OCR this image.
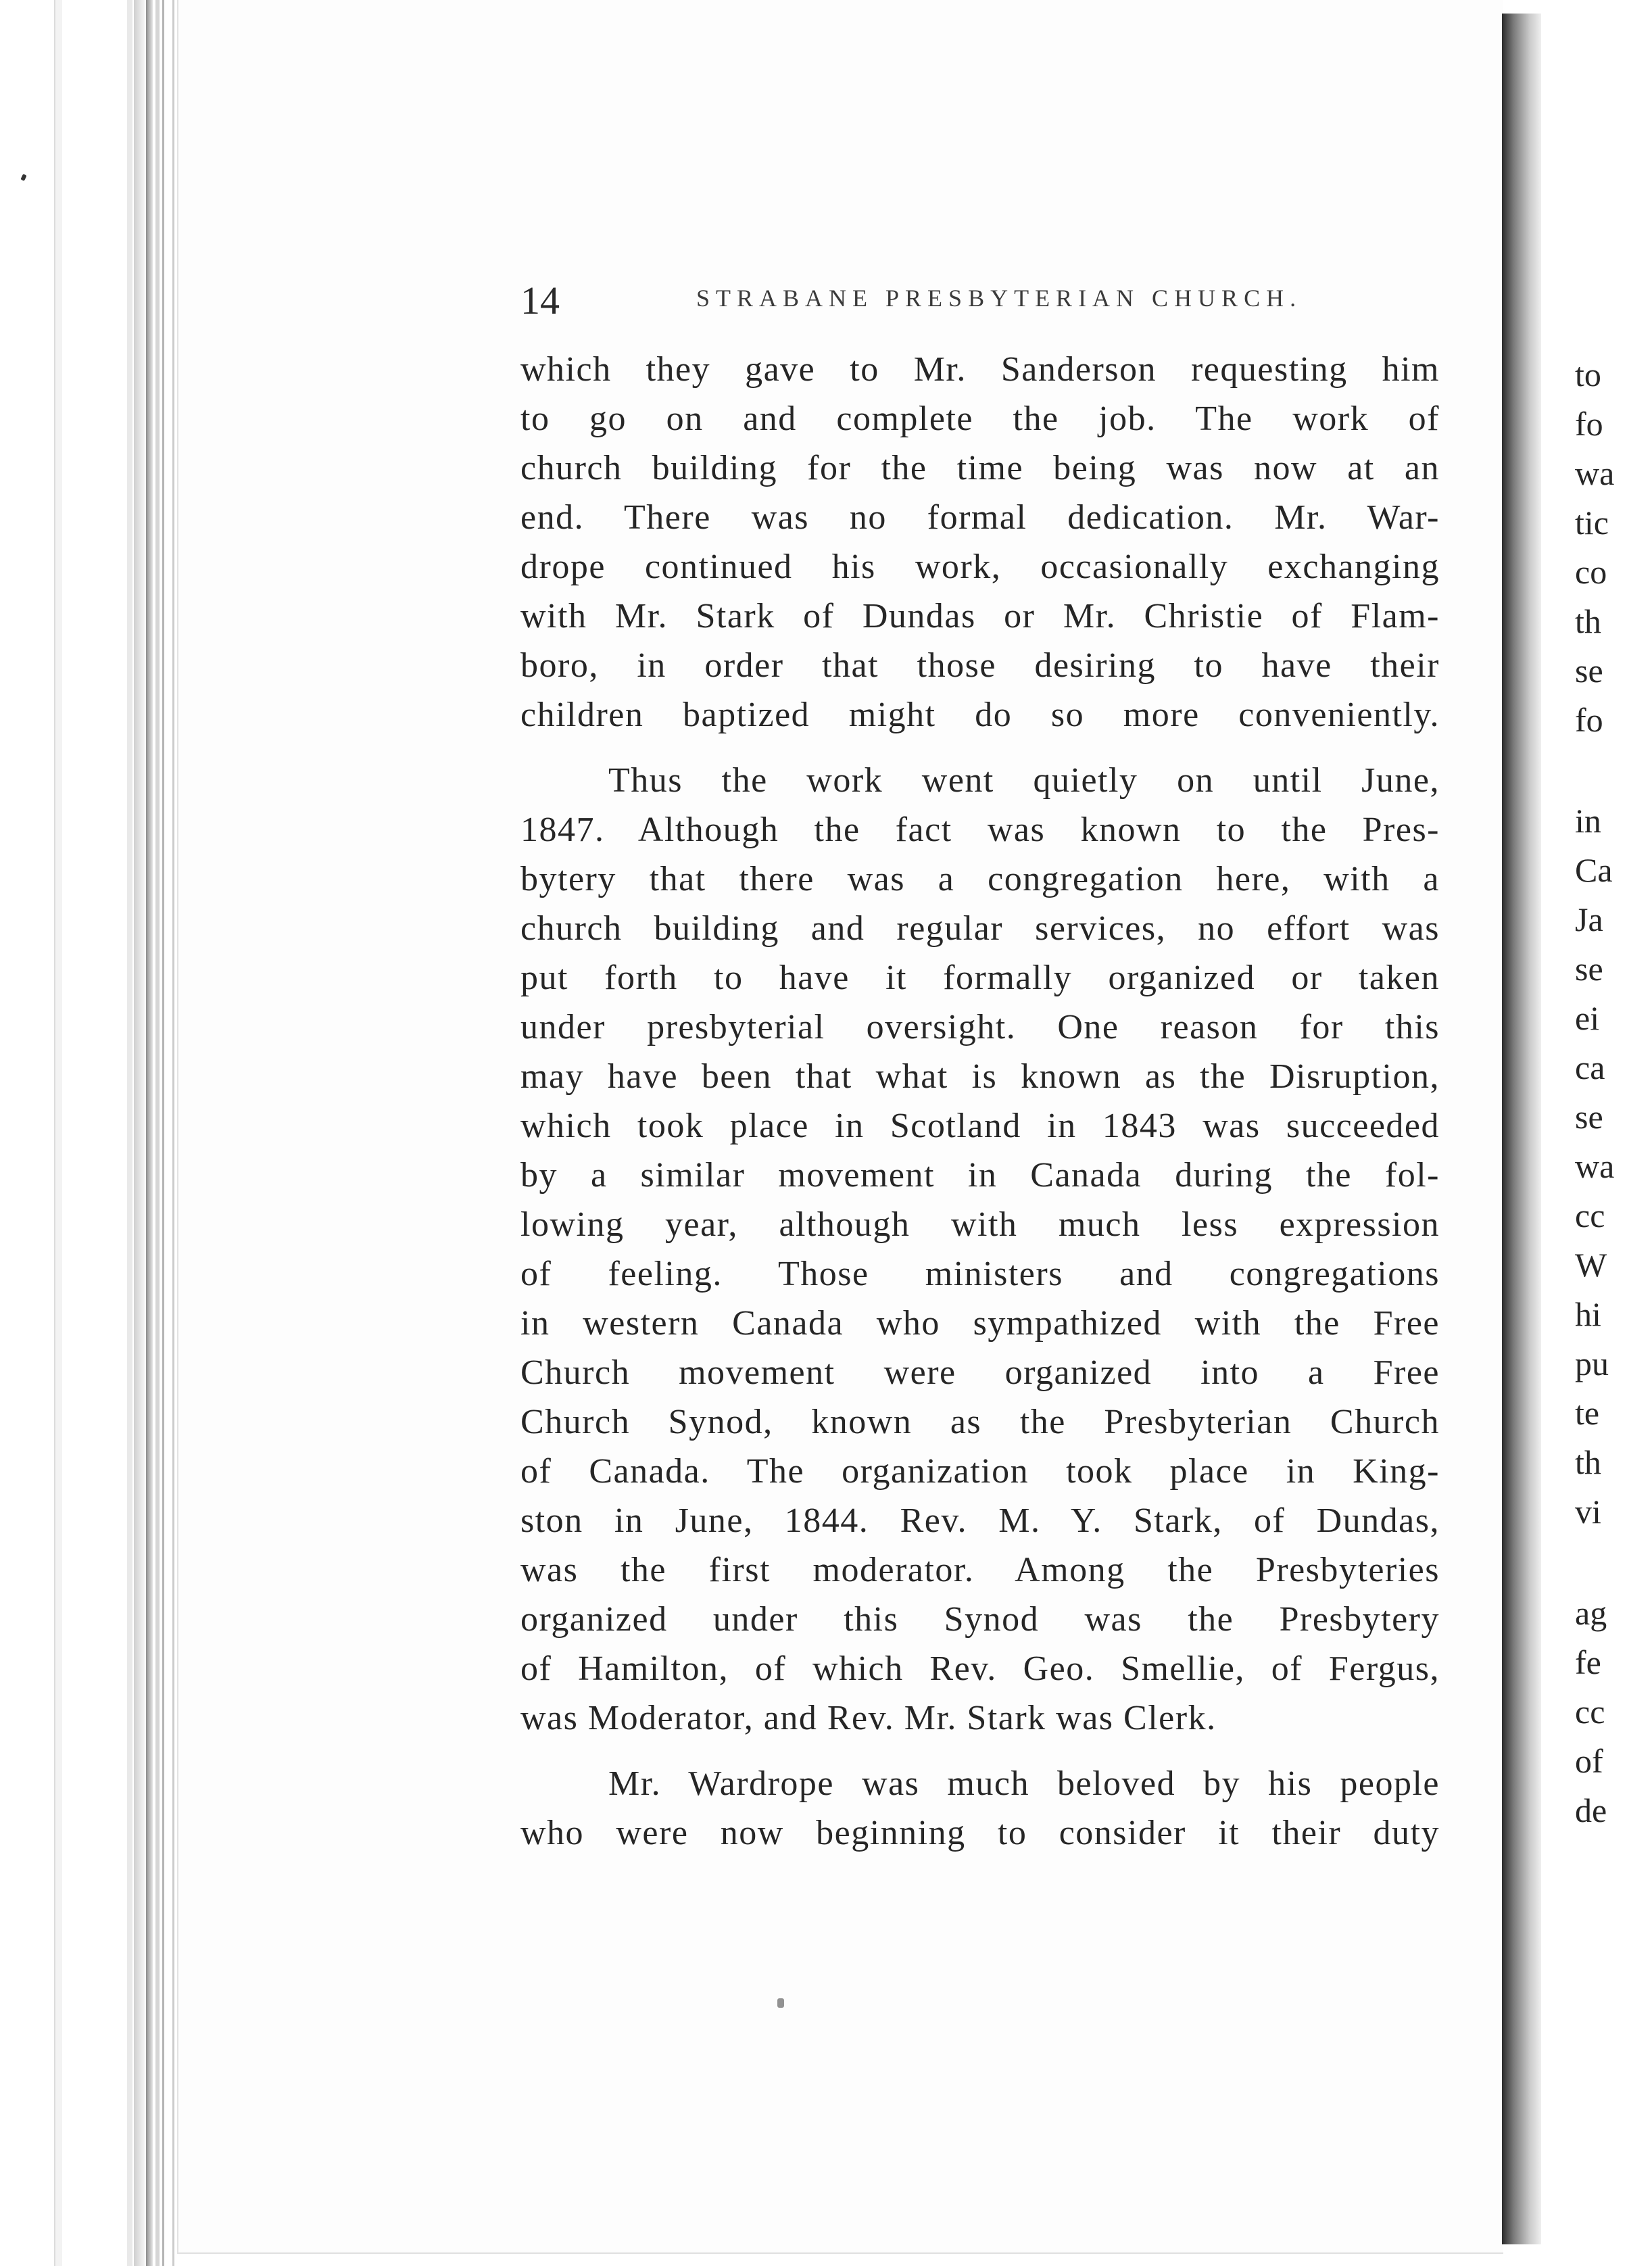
14	STRABANE PRESBYTERIAN CHURCH.
which they gave to Mr. Sanderson requesting him
to go on and complete the job. The work of
church building for the time being was now at an
end. There was no formal dedication. Mr. War-
drope continued his work, occasionally exchanging
with Mr. Stark of Dundas or Mr. Christie of Flam-
boro, in order that those desiring to have their
children baptized might do so more conveniently.
Thus the work went quietly on until June,
1847. Although the fact was known to the Pres-
bytery that there was a congregation here, with a
church building and regular services, no effort was
put forth to have it formally organized or taken
under presbyterial oversight. One reason for this
may have been that what is known as the Disruption,
which took place in Scotland in 1843 was succeeded
by a similar movement in Canada during the fol-
lowing year, although with much less expression
of feeling. Those ministers and congregations
in western Canada who sympathized with the Free
Church movement were organized into a Free
Church Synod, known as the Presbyterian Church
of Canada. The organization took place in King-
ston in June, 1844. Rev. M. Y. Stark, of Dundas,
was the first moderator. Among the Presbyteries
organized under this Synod was the Presbytery
of Hamilton, of which Rev. Geo. Smellie, of Fergus,
was Moderator, and Rev. Mr. Stark was Clerk.
Mr. Wardrope was much beloved by his people
who were now beginning to consider it their duty
to
fo
wa
tic
co
th
se
fo
in
Ca
Ja
se
ei
ca
se
wa
cc
W
hi
pu
te
th
vi
ag
fe
cc
of
de
